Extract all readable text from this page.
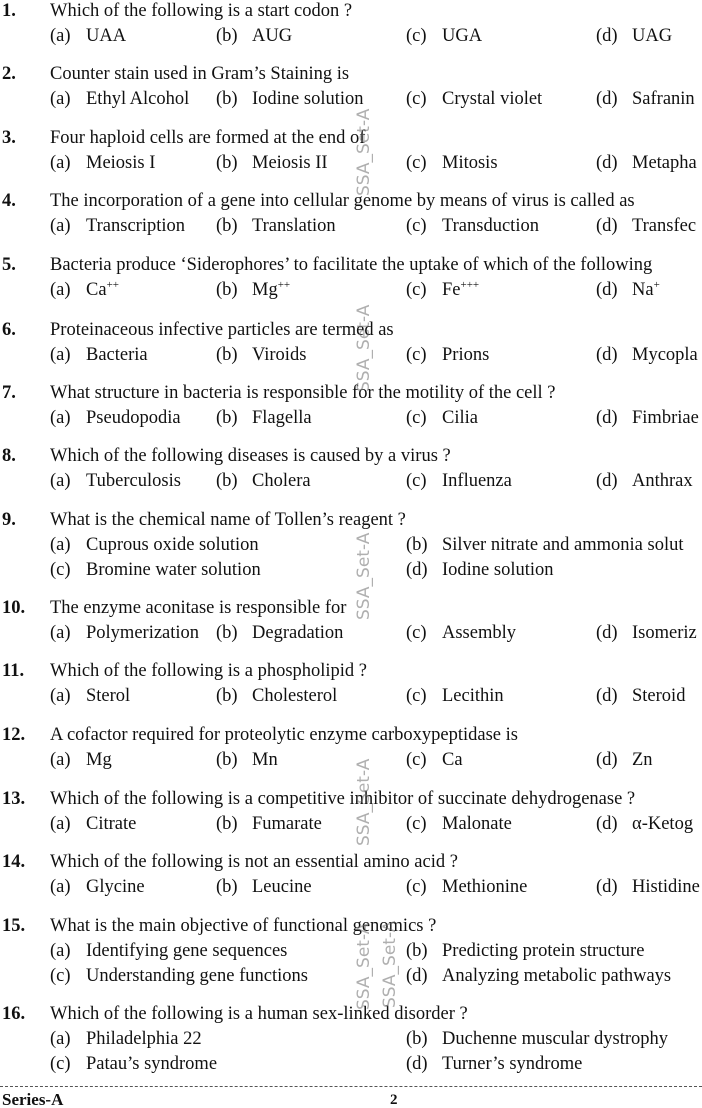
1. Which of the following is a start codon ?
(a) UAA	(b) AUG	(c) UGA	(d) UAG
2. Counter stain used in Gram’s Staining is
(a) Ethyl Alcohol (b) Iodine solution (c) Crystal violet	(d) Safranin
3. Four haploid cells are formed at the end of
(a) Meiosis I	(b) Meiosis II	(c) Mitosis	(d) Metapha
4. The incorporation of a gene into cellular genome by means of virus is called as
(a) Transcription (b) Translation	(c) Transduction	(d) Transfec
5. Bacteria produce ‘Siderophores’ to facilitate the uptake of which of the following
(a) Ca++	(b) Mg++	(c) Fe+++	(d) Na+
6. Proteinaceous infective particles are termed as
(a) Bacteria	(b) Viroids	(c) Prions	(d) Mycopla
7. What structure in bacteria is responsible for the motility of the cell ?
(a) Pseudopodia (b) Flagella	(c) Cilia	(d) Fimbriae
8. Which of the following diseases is caused by a virus ?
(a) Tuberculosis (b) Cholera	(c) Influenza	(d) Anthrax
9. What is the chemical name of Tollen’s reagent ?
(a) Cuprous oxide solution	(b) Silver nitrate and ammonia solut
(c) Bromine water solution	(d) Iodine solution
10. The enzyme aconitase is responsible for
(a) Polymerization (b) Degradation	(c) Assembly	(d) Isomeriz
11. Which of the following is a phospholipid ?
(a) Sterol	(b) Cholesterol	(c) Lecithin	(d) Steroid
12. A cofactor required for proteolytic enzyme carboxypeptidase is
(a) Mg	(b) Mn	(c) Ca	(d) Zn
13. Which of the following is a competitive inhibitor of succinate dehydrogenase ?
(a) Citrate	(b) Fumarate	(c) Malonate	(d) α-Ketog
14. Which of the following is not an essential amino acid ?
(a) Glycine	(b) Leucine	(c) Methionine	(d) Histidine
15. What is the main objective of functional genomics ?
(a) Identifying gene sequences	(b) Predicting protein structure
(c) Understanding gene functions	(d) Analyzing metabolic pathways
16. Which of the following is a human sex-linked disorder ?
(a) Philadelphia 22	(b) Duchenne muscular dystrophy
(c) Patau’s syndrome	(d) Turner’s syndrome
SSA_Set-A
SSA_Set-A
SSA_Set-A
SSA_Set-A
SSA_Set-A SSA_Set-A
Series-A	2
